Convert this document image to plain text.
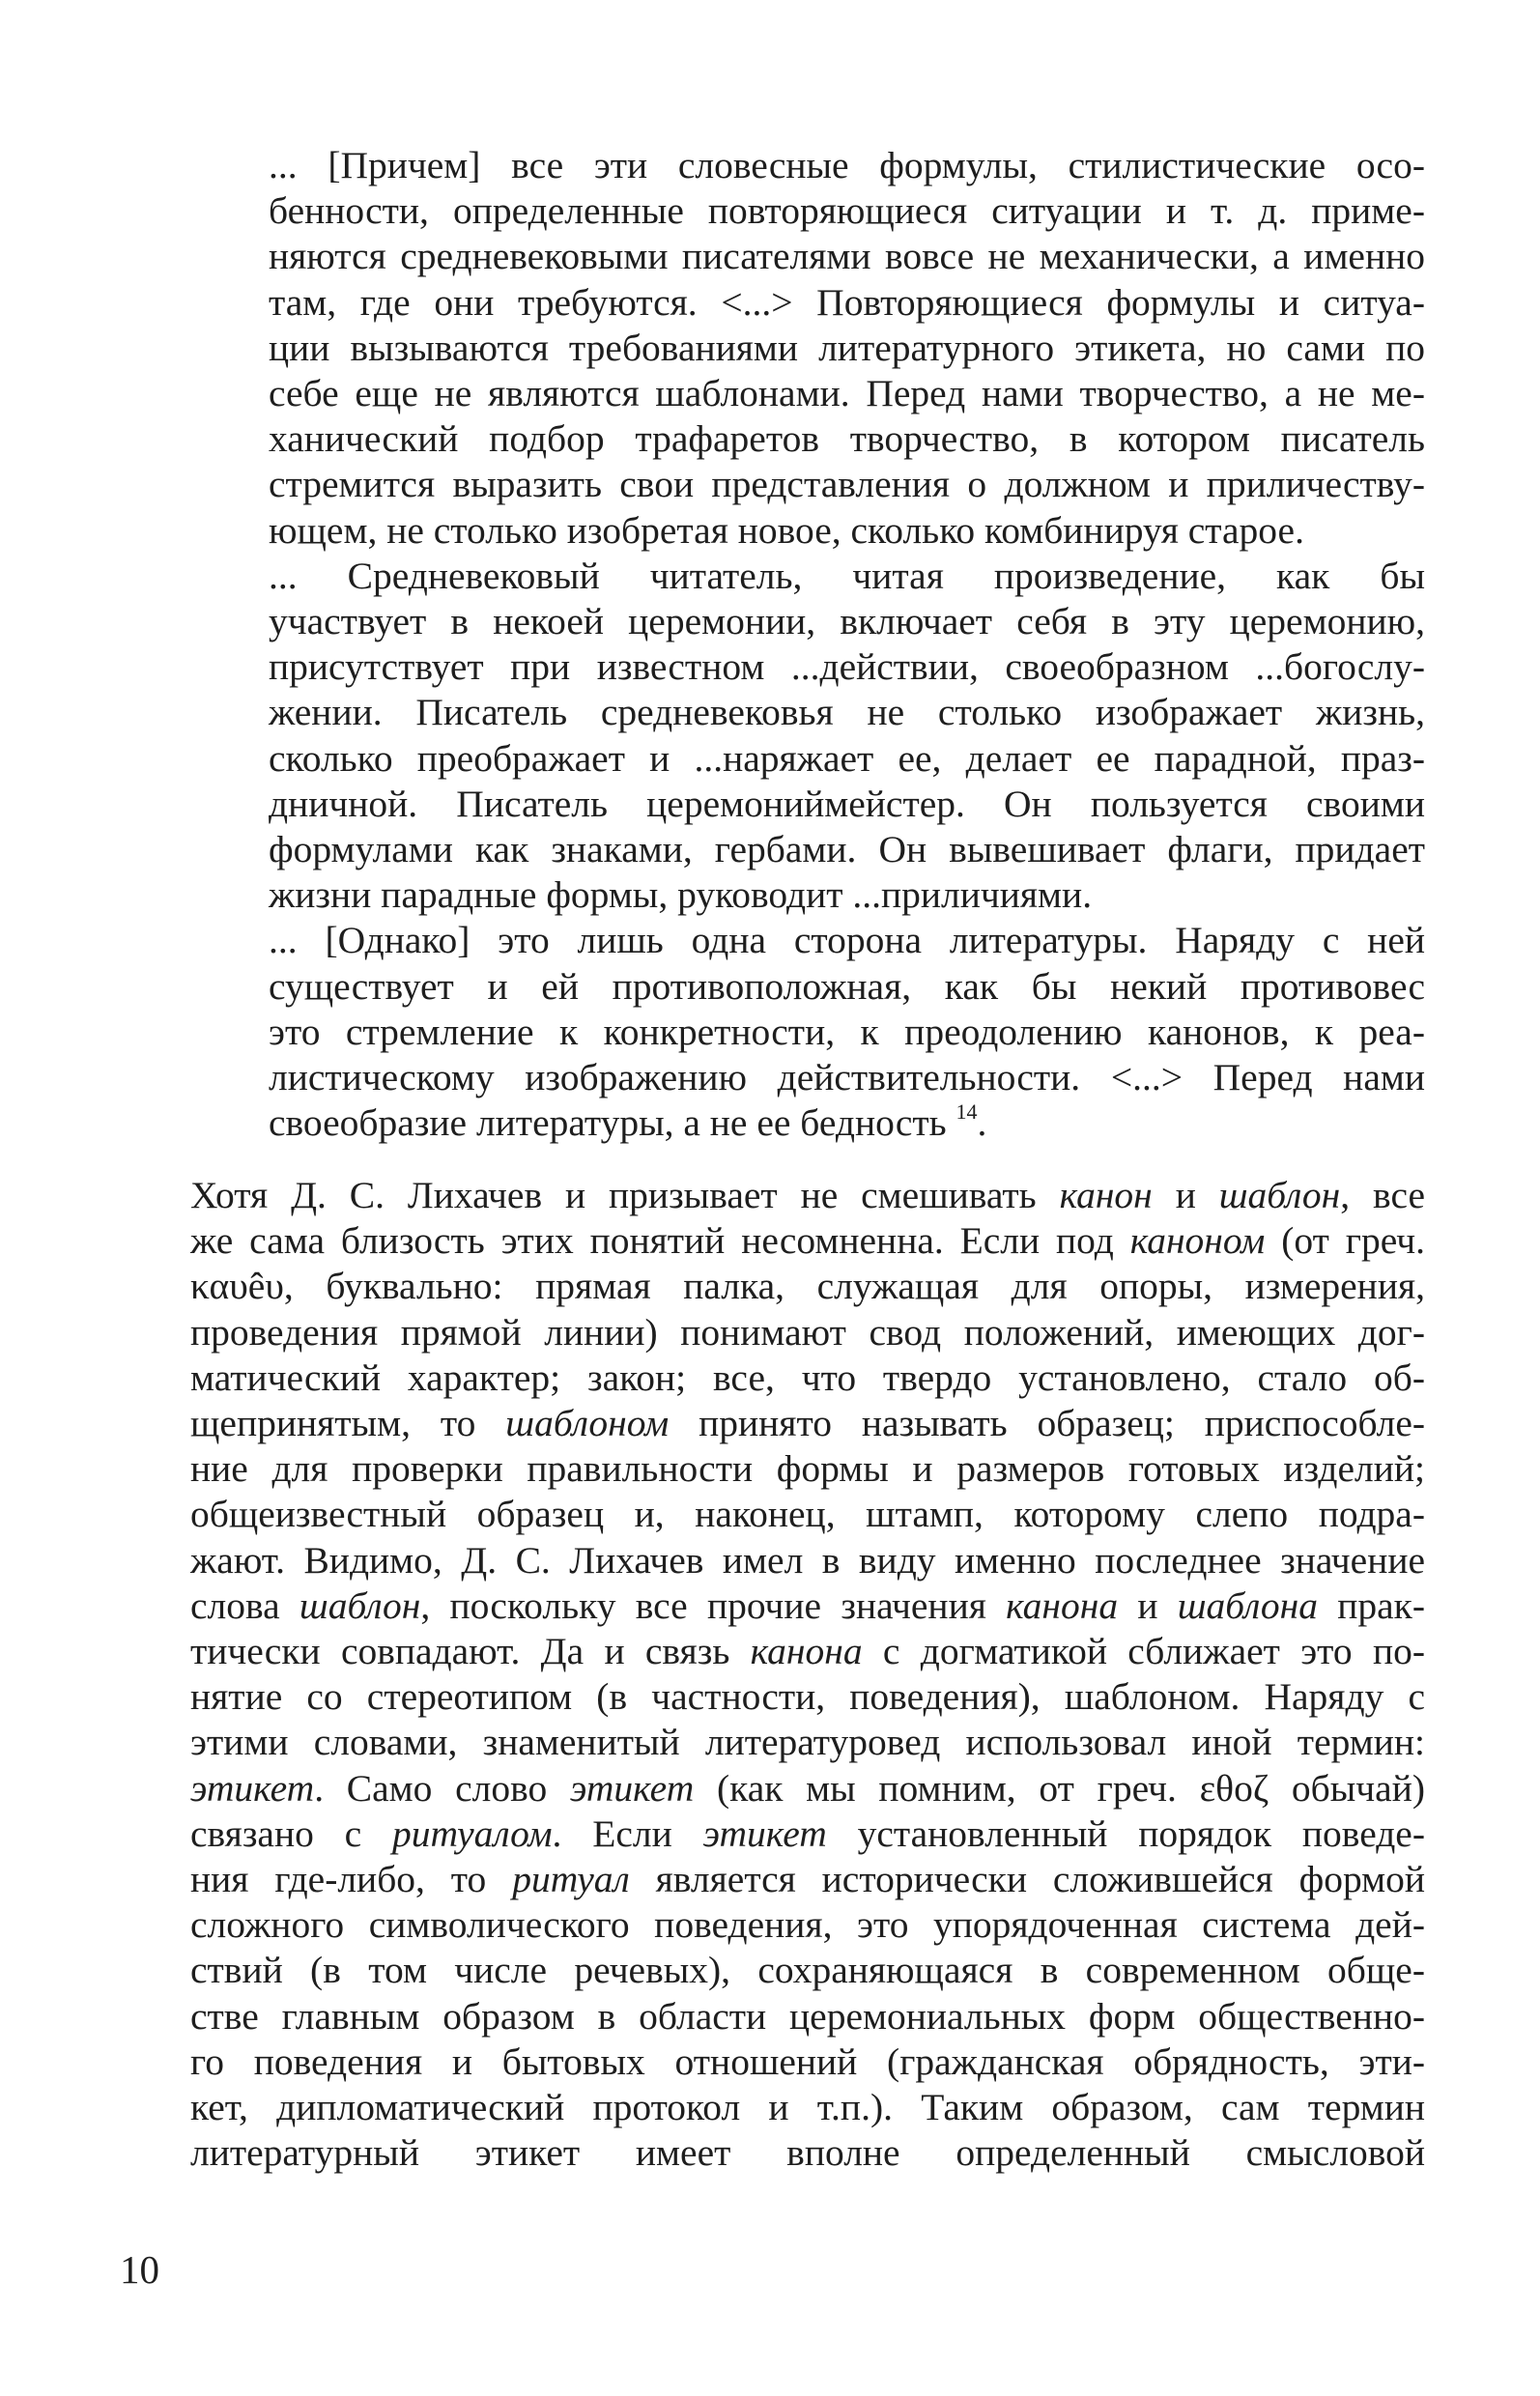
... [Причем] все эти словесные формулы, стилистические осо-
бенности, определенные повторяющиеся ситуации и т. д. приме-
няются средневековыми писателями вовсе не механически, а именно
там, где они требуются. <...> Повторяющиеся формулы и ситуа-
ции вызываются требованиями литературного этикета, но сами по
себе еще не являются шаблонами. Перед нами творчество, а не ме-
ханический подбор трафаретов творчество, в котором писатель
стремится выразить свои представления о должном и приличеству-
ющем, не столько изобретая новое, сколько комбинируя старое.

... Средневековый читатель, читая произведение, как бы
участвует в некоей церемонии, включает себя в эту церемонию,
присутствует при известном ...действии, своеобразном ...богослу-
жении. Писатель средневековья не столько изображает жизнь,
сколько преображает и ...наряжает ее, делает ее парадной, праз-
дничной. Писатель церемониймейстер. Он пользуется своими
формулами как знаками, гербами. Он вывешивает флаги, придает
жизни парадные формы, руководит ...приличиями.

... [Однако] это лишь одна сторона литературы. Наряду с ней
существует и ей противоположная, как бы некий противовес
это стремление к конкретности, к преодолению канонов, к реа-
листическому изображению действительности. <...> Перед нами
своеобразие литературы, а не ее бедность $^{14}$.

Хотя Д. С. Лихачев и призывает не смешивать канон и шаблон, все
же сама близость этих понятий несомненна. Если под каноном (от греч.
καυêυ, буквально: прямая палка, служащая для опоры, измерения,
проведения прямой линии) понимают свод положений, имеющих дог-
матический характер; закон; все, что твердо установлено, стало об-
щепринятым, то шаблоном принято называть образец; приспособле-
ние для проверки правильности формы и размеров готовых изделий;
общеизвестный образец и, наконец, штамп, которому слепо подра-
жают. Видимо, Д. С. Лихачев имел в виду именно последнее значение
слова шаблон, поскольку все прочие значения канона и шаблона прак-
тически совпадают. Да и связь канона с догматикой сближает это по-
нятие со стереотипом (в частности, поведения), шаблоном. Наряду с
этими словами, знаменитый литературовед использовал иной термин:
этикет. Само слово этикет (как мы помним, от греч. εθοζ обычай)
связано с ритуалом. Если этикет установленный порядок поведе-
ния где-либо, то ритуал является исторически сложившейся формой
сложного символического поведения, это упорядоченная система дей-
ствий (в том числе речевых), сохраняющаяся в современном обще-
стве главным образом в области церемониальных форм общественно-
го поведения и бытовых отношений (гражданская обрядность, эти-
кет, дипломатический протокол и т.п.). Таким образом, сам термин
литературный этикет имеет вполне определенный смысловой

10
